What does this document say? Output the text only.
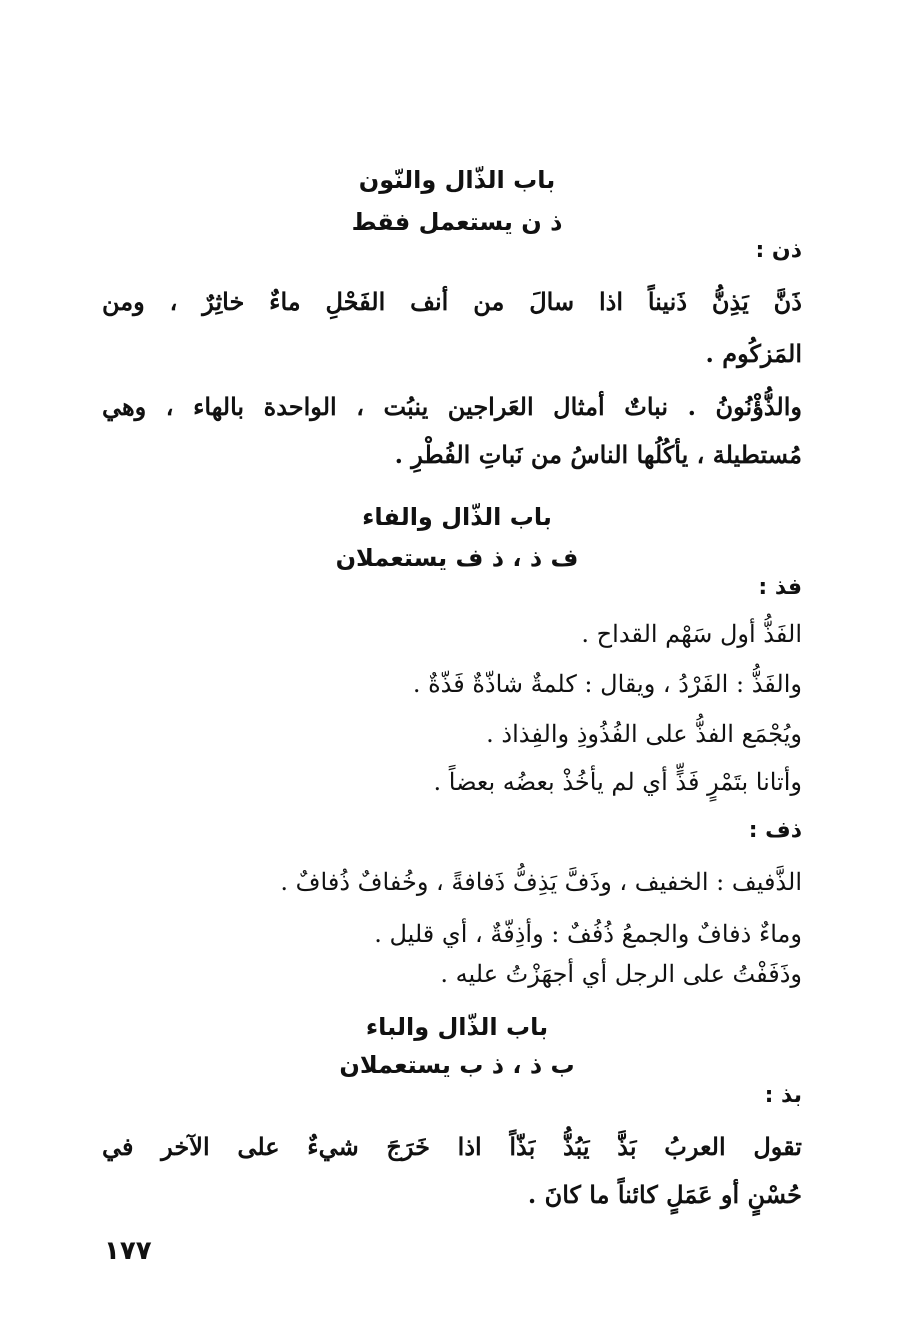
باب الذّال والنّون
ذ ن يستعمل فقط
ذن :
ذَنَّ يَذِنُّ ذَنيناً اذا سالَ من أنف الفَحْلِ ماءٌ خاثِرٌ ، ومن
المَزكُوم .
والذُّؤْنُونُ . نباتٌ أمثال العَراجين ينبُت ، الواحدة بالهاء ، وهي
مُستطيلة ، يأكُلُها الناسُ من نَباتِ الفُطْرِ .
باب الذّال والفاء
ف ذ ، ذ ف يستعملان
فذ :
الفَذُّ أول سَهْم القداح .
والفَذُّ : الفَرْدُ ، ويقال : كلمةٌ شاذّةٌ فَذّةٌ .
ويُجْمَع الفذُّ على الفُذُوذِ والفِذاذ .
وأتانا بتَمْرٍ فَذٍّ أي لم يأخُذْ بعضُه بعضاً .
ذف :
الذَّفيف : الخفيف ، وذَفَّ يَذِفُّ ذَفافةً ، وخُفافٌ ذُفافٌ .
وماءٌ ذفافٌ والجمعُ ذُفُفٌ : وأذِفّةٌ ، أي قليل .
وذَفَفْتُ على الرجل أي أجهَزْتُ عليه .
باب الذّال والباء
ب ذ ، ذ ب يستعملان
بذ :
تقول العربُ بَذَّ يَبُذُّ بَذّاً اذا خَرَجَ شيءٌ على الآخر في
حُسْنٍ أو عَمَلٍ كائناً ما كانَ .
١٧٧
